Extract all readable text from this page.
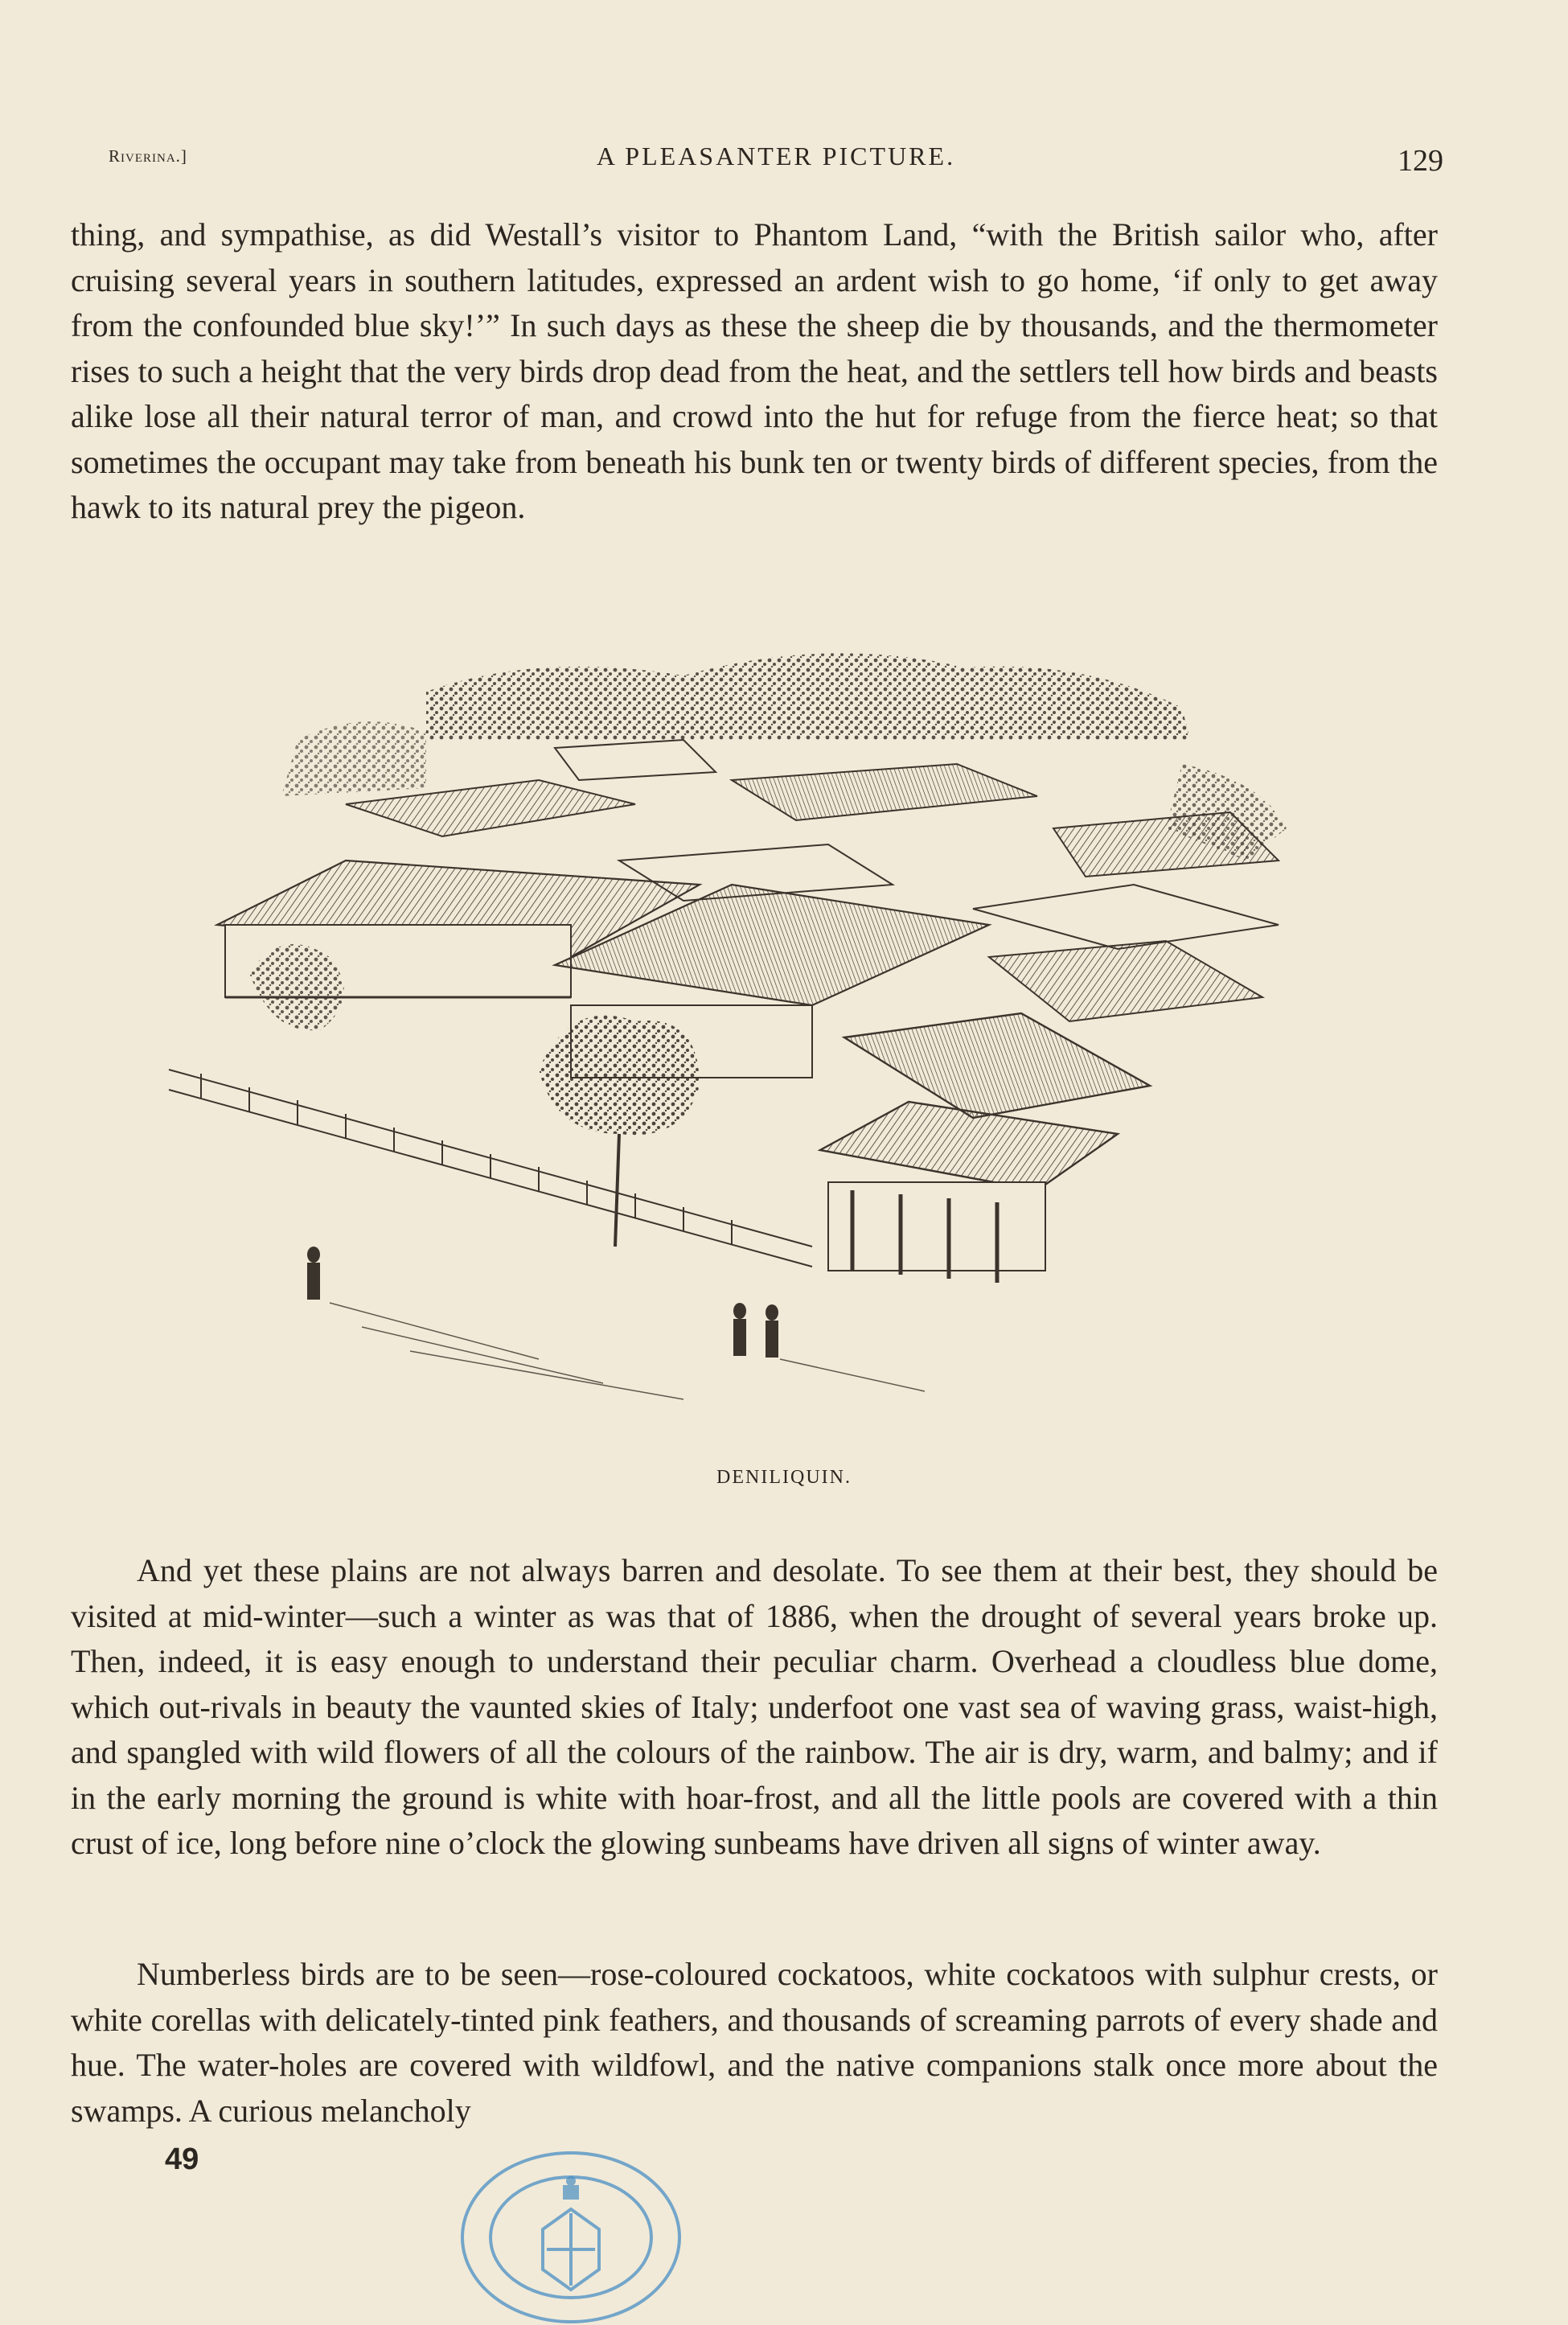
Riverina.]	A PLEASANTER PICTURE.	129

thing, and sympathise, as did Westall’s visitor to Phantom Land, “with the British sailor who, after cruising several years in southern latitudes, expressed an ardent wish to go home, ‘if only to get away from the confounded blue sky!’” In such days as these the sheep die by thousands, and the thermometer rises to such a height that the very birds drop dead from the heat, and the settlers tell how birds and beasts alike lose all their natural terror of man, and crowd into the hut for refuge from the fierce heat; so that sometimes the occupant may take from beneath his bunk ten or twenty birds of different species, from the hawk to its natural prey the pigeon.

DENILIQUIN.

And yet these plains are not always barren and desolate. To see them at their best, they should be visited at mid-winter—such a winter as was that of 1886, when the drought of several years broke up. Then, indeed, it is easy enough to understand their peculiar charm. Overhead a cloudless blue dome, which out-rivals in beauty the vaunted skies of Italy; underfoot one vast sea of waving grass, waist-high, and spangled with wild flowers of all the colours of the rainbow. The air is dry, warm, and balmy; and if in the early morning the ground is white with hoar-frost, and all the little pools are covered with a thin crust of ice, long before nine o’clock the glowing sunbeams have driven all signs of winter away.

Numberless birds are to be seen—rose-coloured cockatoos, white cockatoos with sulphur crests, or white corellas with delicately-tinted pink feathers, and thousands of screaming parrots of every shade and hue. The water-holes are covered with wildfowl, and the native companions stalk once more about the swamps. A curious melancholy

49
